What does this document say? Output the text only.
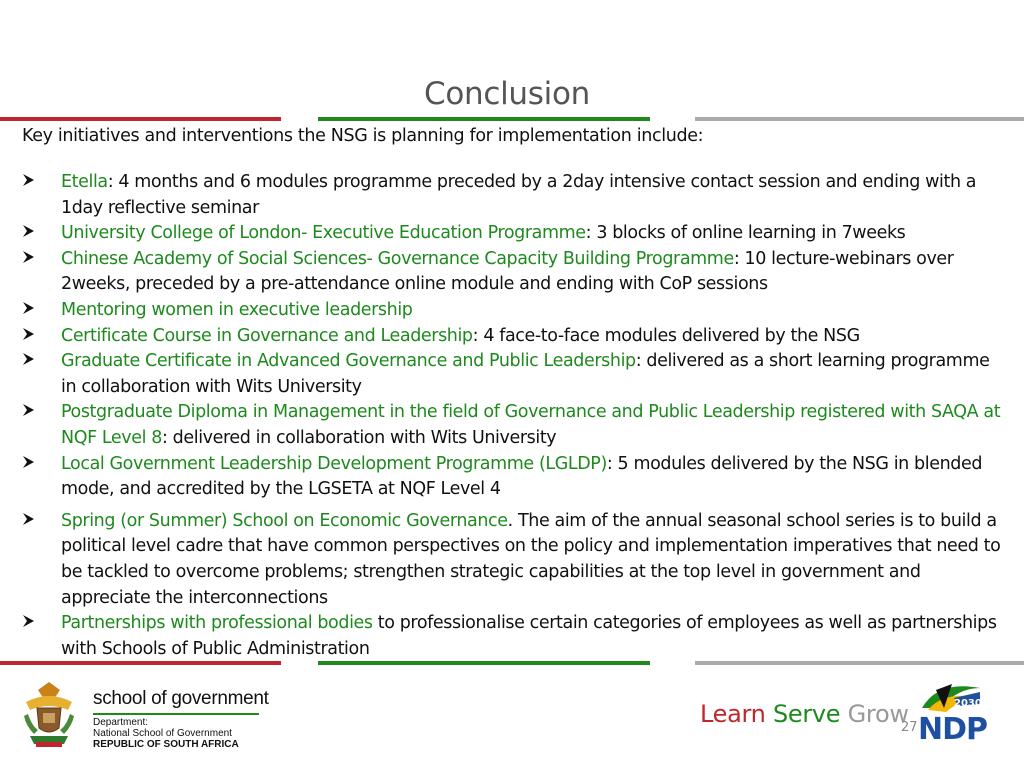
Conclusion
Key initiatives and interventions the NSG is planning for implementation include:
Etella: 4 months and 6 modules programme preceded by a 2day intensive contact session and ending with a 1day reflective seminar
University College of London- Executive Education Programme: 3 blocks of online learning in 7weeks
Chinese Academy of Social Sciences- Governance Capacity Building Programme: 10 lecture-webinars over 2weeks, preceded by a pre-attendance online module and ending with CoP sessions
Mentoring women in executive leadership
Certificate Course in Governance and Leadership: 4 face-to-face modules delivered by the NSG
Graduate Certificate in Advanced Governance and Public Leadership: delivered as a short learning programme in collaboration with Wits University
Postgraduate Diploma in Management in the field of Governance and Public Leadership registered with SAQA at NQF Level 8: delivered in collaboration with Wits University
Local Government Leadership Development Programme (LGLDP): 5 modules delivered by the NSG in blended mode, and accredited by the LGSETA at NQF Level 4
Spring (or Summer) School on Economic Governance. The aim of the annual seasonal school series is to build a political level cadre that have common perspectives on the policy and implementation imperatives that need to be tackled to overcome problems; strengthen strategic capabilities at the top level in government and appreciate the interconnections
Partnerships with professional bodies to professionalise certain categories of employees as well as partnerships with Schools of Public Administration
school of government
Department:
National School of Government
REPUBLIC OF SOUTH AFRICA
Learn Serve Grow
27
2030
NDP
